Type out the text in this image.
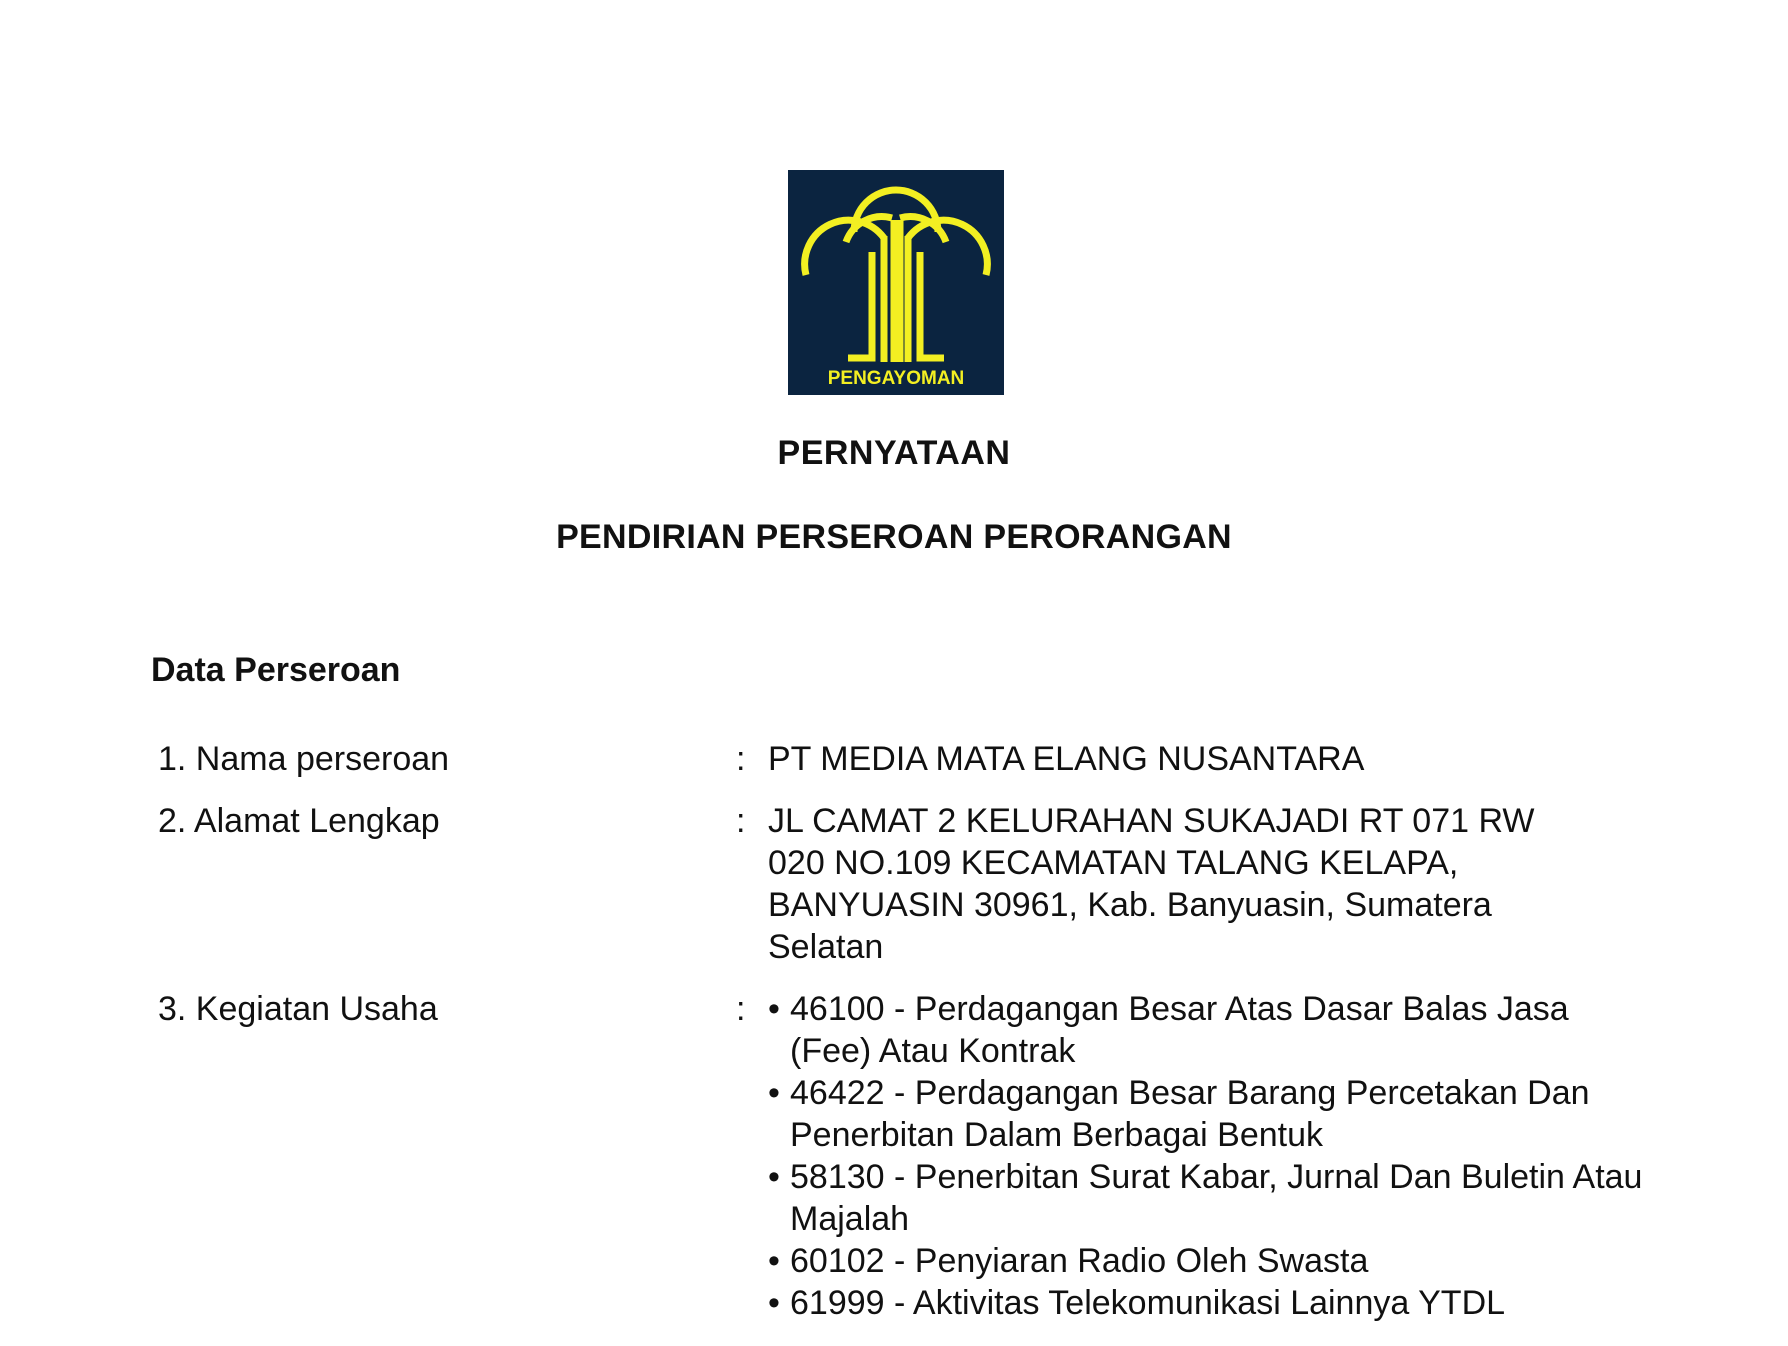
PENGAYOMAN
PERNYATAAN
PENDIRIAN PERSEROAN PERORANGAN
Data Perseroan
1. Nama perseroan	: PT MEDIA MATA ELANG NUSANTARA
2. Alamat Lengkap	: JL CAMAT 2 KELURAHAN SUKAJADI RT 071 RW 020 NO.109 KECAMATAN TALANG KELAPA, BANYUASIN 30961, Kab. Banyuasin, Sumatera Selatan
3. Kegiatan Usaha	: • 46100 - Perdagangan Besar Atas Dasar Balas Jasa (Fee) Atau Kontrak
• 46422 - Perdagangan Besar Barang Percetakan Dan Penerbitan Dalam Berbagai Bentuk
• 58130 - Penerbitan Surat Kabar, Jurnal Dan Buletin Atau Majalah
• 60102 - Penyiaran Radio Oleh Swasta
• 61999 - Aktivitas Telekomunikasi Lainnya YTDL
